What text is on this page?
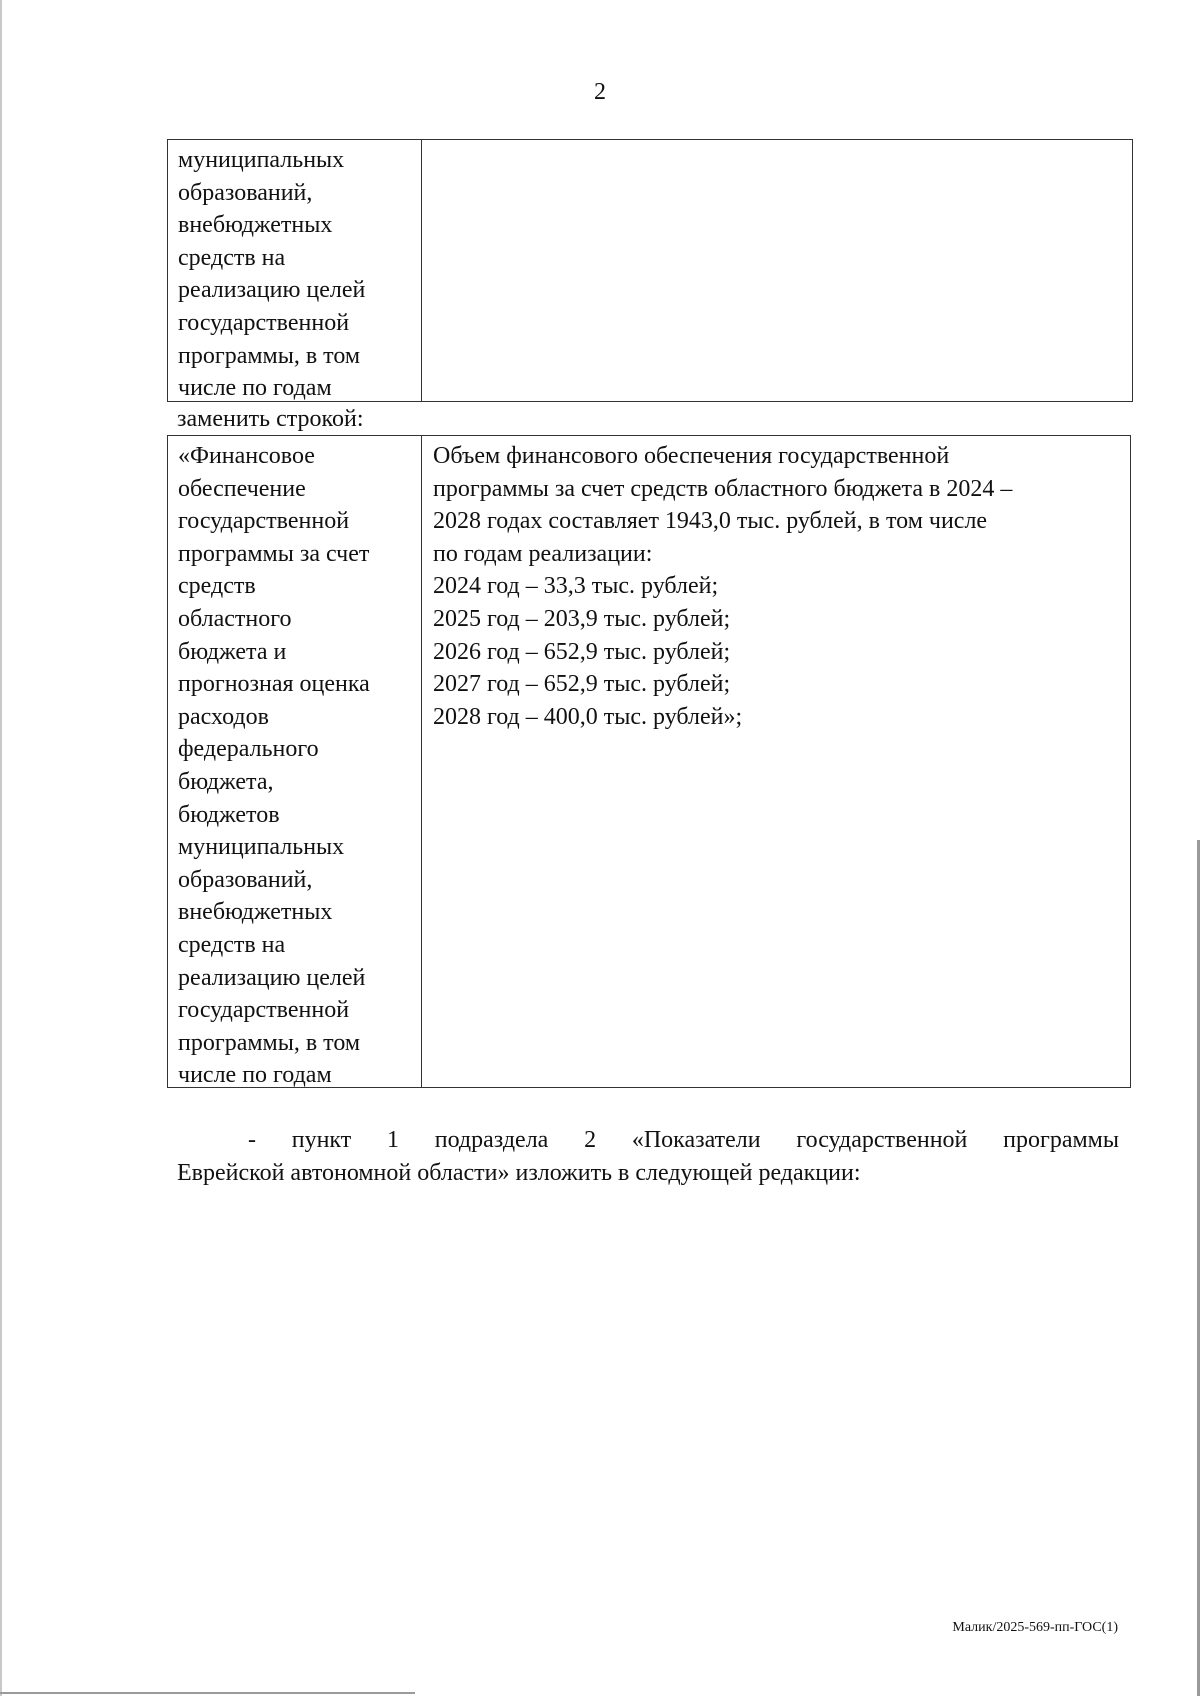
2
муниципальных
образований,
внебюджетных
средств на
реализацию целей
государственной
программы, в том
числе по годам
заменить строкой:
«Финансовое
обеспечение
государственной
программы за счет
средств
областного
бюджета и
прогнозная оценка
расходов
федерального
бюджета,
бюджетов
муниципальных
образований,
внебюджетных
средств на
реализацию целей
государственной
программы, в том
числе по годам
Объем финансового обеспечения государственной
программы за счет средств областного бюджета в 2024 –
2028 годах составляет 1943,0 тыс. рублей, в том числе
по годам реализации:
2024 год – 33,3 тыс. рублей;
2025 год – 203,9 тыс. рублей;
2026 год – 652,9 тыс. рублей;
2027 год – 652,9 тыс. рублей;
2028 год – 400,0 тыс. рублей»;
- пункт 1 подраздела 2 «Показатели государственной программы
Еврейской автономной области» изложить в следующей редакции:
Малик/2025-569-пп-ГОС(1)
